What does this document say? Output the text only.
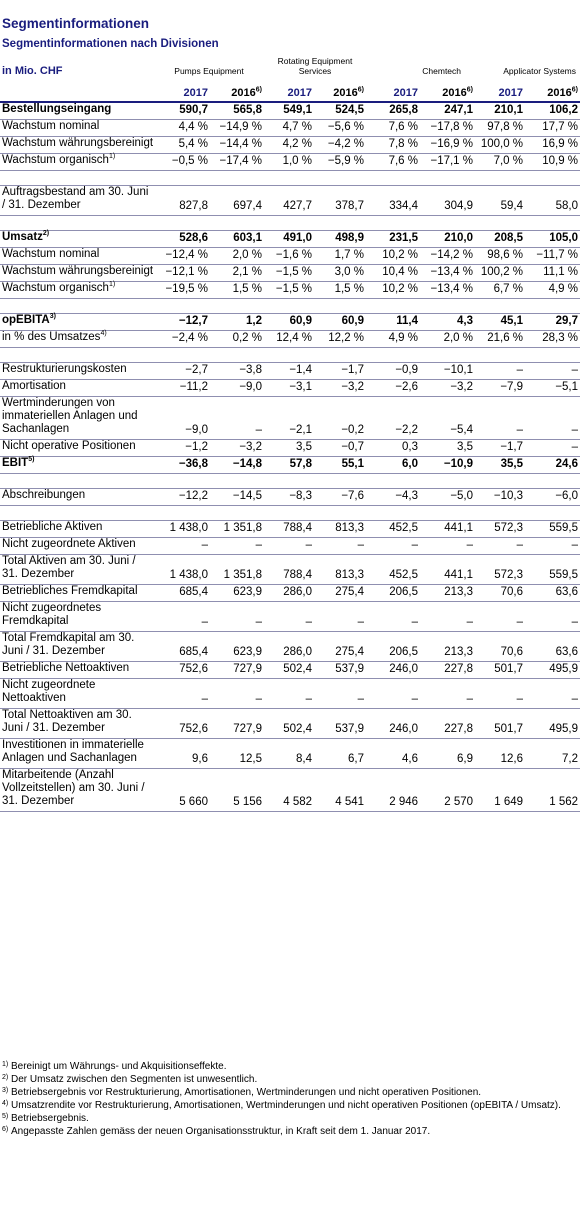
Segmentinformationen
Segmentinformationen nach Divisionen
in Mio. CHF	Pumps Equipment		Rotating Equipment Services		Chemtech		Applicator Systems	
	2017	2016$^{6)}$	2017	2016$^{6)}$	2017	2016$^{6)}$	2017	2016$^{6)}$
Bestellungseingang	590,7	565,8	549,1	524,5	265,8	247,1	210,1	106,2
Wachstum nominal	4,4 %	−14,9 %	4,7 %	−5,6 %	7,6 %	−17,8 %	97,8 %	17,7 %
Wachstum währungsbereinigt	5,4 %	−14,4 %	4,2 %	−4,2 %	7,8 %	−16,9 %	100,0 %	16,9 %
Wachstum organisch$^{1)}$	−0,5 %	−17,4 %	1,0 %	−5,9 %	7,6 %	−17,1 %	7,0 %	10,9 %

Auftragsbestand am 30. Juni / 31. Dezember	827,8	697,4	427,7	378,7	334,4	304,9	59,4	58,0

Umsatz$^{2)}$	528,6	603,1	491,0	498,9	231,5	210,0	208,5	105,0
Wachstum nominal	−12,4 %	2,0 %	−1,6 %	1,7 %	10,2 %	−14,2 %	98,6 %	−11,7 %
Wachstum währungsbereinigt	−12,1 %	2,1 %	−1,5 %	3,0 %	10,4 %	−13,4 %	100,2 %	11,1 %
Wachstum organisch$^{1)}$	−19,5 %	1,5 %	−1,5 %	1,5 %	10,2 %	−13,4 %	6,7 %	4,9 %

opEBITA$^{3)}$	−12,7	1,2	60,9	60,9	11,4	4,3	45,1	29,7
in % des Umsatzes$^{4)}$	−2,4 %	0,2 %	12,4 %	12,2 %	4,9 %	2,0 %	21,6 %	28,3 %

Restrukturierungskosten	−2,7	−3,8	−1,4	−1,7	−0,9	−10,1	–	–
Amortisation	−11,2	−9,0	−3,1	−3,2	−2,6	−3,2	−7,9	−5,1
Wertminderungen von immateriellen Anlagen und Sachanlagen	−9,0	–	−2,1	−0,2	−2,2	−5,4	–	–
Nicht operative Positionen	−1,2	−3,2	3,5	−0,7	0,3	3,5	−1,7	–
$EBIT^{5)}$	−36,8	−14,8	57,8	55,1	6,0	−10,9	35,5	24,6

Abschreibungen	−12,2	−14,5	−8,3	−7,6	−4,3	−5,0	−10,3	−6,0

Betriebliche Aktiven	1 438,0	1 351,8	788,4	813,3	452,5	441,1	572,3	559,5
Nicht zugeordnete Aktiven	–	–	–	–	–	–	–	–
Total Aktiven am 30. Juni / 31. Dezember	1 438,0	1 351,8	788,4	813,3	452,5	441,1	572,3	559,5
Betriebliches Fremdkapital	685,4	623,9	286,0	275,4	206,5	213,3	70,6	63,6
Nicht zugeordnetes Fremdkapital	–	–	–	–	–	–	–	–
Total Fremdkapital am 30. Juni / 31. Dezember	685,4	623,9	286,0	275,4	206,5	213,3	70,6	63,6
Betriebliche Nettoaktiven	752,6	727,9	502,4	537,9	246,0	227,8	501,7	495,9
Nicht zugeordnete Nettoaktiven	–	–	–	–	–	–	–	–
Total Nettoaktiven am 30. Juni / 31. Dezember	752,6	727,9	502,4	537,9	246,0	227,8	501,7	495,9
Investitionen in immaterielle Anlagen und Sachanlagen	9,6	12,5	8,4	6,7	4,6	6,9	12,6	7,2
Mitarbeitende (Anzahl Vollzeitstellen) am 30. Juni / 31. Dezember	5 660	5 156	4 582	4 541	2 946	2 570	1 649	1 562
1) Bereinigt um Währungs- und Akquisitionseffekte.
2) Der Umsatz zwischen den Segmenten ist unwesentlich.
3) Betriebsergebnis vor Restrukturierung, Amortisationen, Wertminderungen und nicht operativen Positionen.
4) Umsatzrendite vor Restrukturierung, Amortisationen, Wertminderungen und nicht operativen Positionen (opEBITA / Umsatz).
5) Betriebsergebnis.
6) Angepasste Zahlen gemäss der neuen Organisationsstruktur, in Kraft seit dem 1. Januar 2017.
